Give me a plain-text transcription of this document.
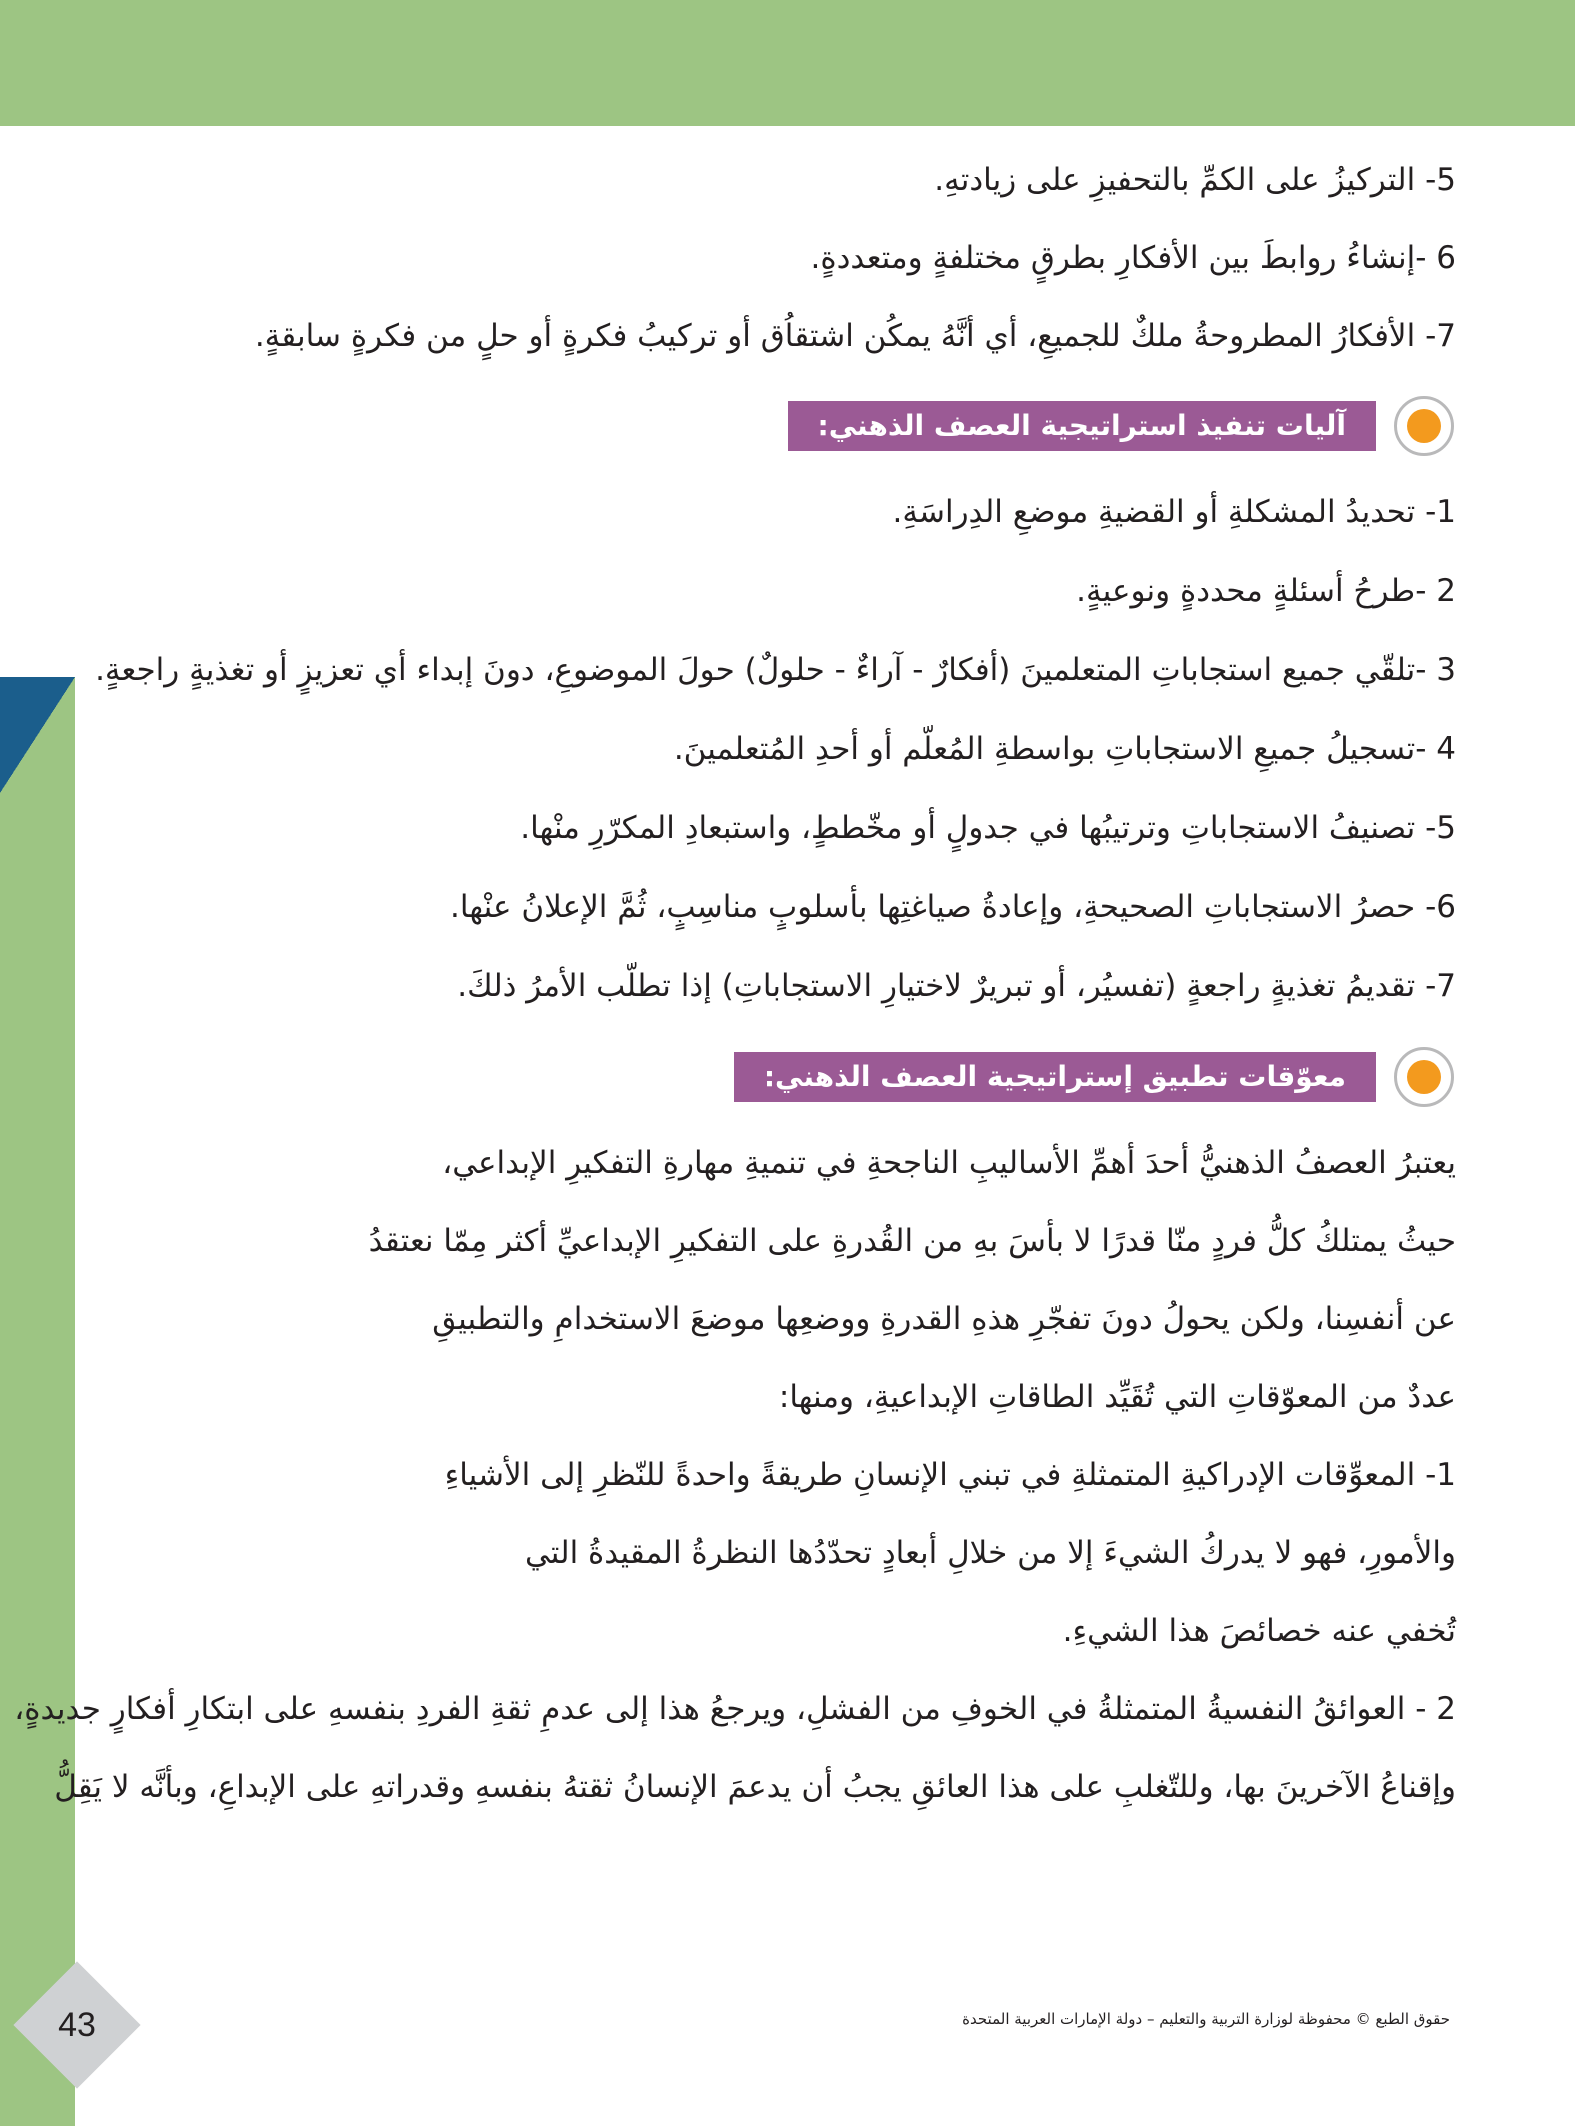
5- التركيزُ على الكمِّ بالتحفيزِ على زيادتهِ.

6 -إنشاءُ روابطَ بين الأفكارِ بطرقٍ مختلفةٍ ومتعددةٍ.

7- الأفكارُ المطروحةُ ملكٌ للجميعِ، أي أنَّهُ يمكُن اشتقاُق أو تركيبُ فكرةٍ أو حلٍ من فكرةٍ سابقةٍ.

آليات تنفيذ استراتيجية العصف الذهني:

1- تحديدُ المشكلةِ أو القضيةِ موضعِ الدِراسَةِ.

2 -طرحُ أسئلةٍ محددةٍ ونوعيةٍ.

3 -تلقّي جميع استجاباتِ المتعلمينَ (أفكارٌ - آراءٌ - حلولٌ) حولَ الموضوعِ، دونَ إبداء أي تعزيزٍ أو تغذيةٍ راجعةٍ.

4 -تسجيلُ جميعِ الاستجاباتِ بواسطةِ المُعلّم أو أحدِ المُتعلمينَ.

5- تصنيفُ الاستجاباتِ وترتيبُها في جدولٍ أو مخّططٍ، واستبعادِ المكرّرِ منْها.

6- حصرُ الاستجاباتِ الصحيحةِ، وإعادةُ صياغتِها بأسلوبٍ مناسِبٍ، ثُمَّ الإعلانُ عنْها.

7- تقديمُ تغذيةٍ راجعةٍ (تفسيُر، أو تبريرٌ لاختيارِ الاستجاباتِ) إذا تطلّب الأمرُ ذلكَ.

معوّقات تطبيق إستراتيجية العصف الذهني:

يعتبرُ العصفُ الذهنيُّ أحدَ أهمِّ الأساليبِ الناجحةِ في تنميةِ مهارةِ التفكيرِ الإبداعي،

حيثُ يمتلكُ كلُّ فردٍ منّا قدرًا لا بأسَ بهِ من القُدرةِ على التفكيرِ الإبداعيِّ أكثر مِمّا نعتقدُ

عن أنفسِنا، ولكن يحولُ دونَ تفجّرِ هذهِ القدرةِ ووضعِها موضعَ الاستخدامِ والتطبيقِ

عددٌ من المعوّقاتِ التي تُقَيِّد الطاقاتِ الإبداعيةِ، ومنها:

1- المعوِّقات الإدراكيةِ المتمثلةِ في تبني الإنسانِ طريقةً واحدةً للنّظرِ إلى الأشياءِ

والأمورِ، فهو لا يدركُ الشيءَ إلا من خلالِ أبعادٍ تحدّدُها النظرةُ المقيدةُ التي

تُخفي عنه خصائصَ هذا الشيءِ.

2 - العوائقُ النفسيةُ المتمثلةُ في الخوفِ من الفشلِ، ويرجعُ هذا إلى عدمِ ثقةِ الفردِ بنفسهِ على ابتكارِ أفكارٍ جديدةٍ،

وإقناعُ الآخرينَ بها، وللتّغلبِ على هذا العائقِ يجبُ أن يدعمَ الإنسانُ ثقتهُ بنفسهِ وقدراتهِ على الإبداعِ، وبأنَّه لا يَقِلُّ

43	حقوق الطبع © محفوظة لوزارة التربية والتعليم – دولة الإمارات العربية المتحدة
